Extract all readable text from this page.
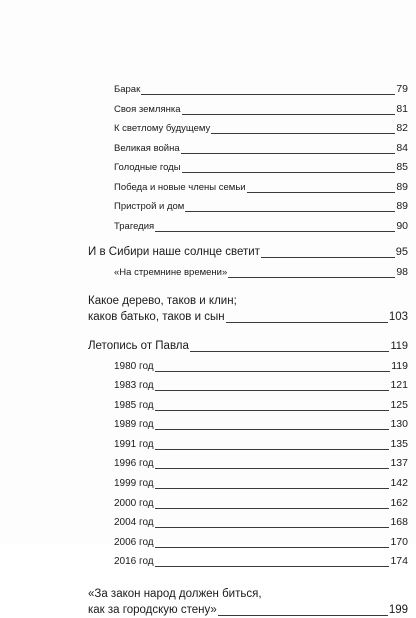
Барак	79
Своя землянка	81
К светлому будущему	82
Великая война	84
Голодные годы	85
Победа и новые члены семьи	89
Пристрой и дом	89
Трагедия	90
И в Сибири наше солнце светит	95
«На стремнине времени»	98
Какое дерево, таков и клин;
каков батько, таков и сын	103
Летопись от Павла	119
1980 год	119
1983 год	121
1985 год	125
1989 год	130
1991 год	135
1996 год	137
1999 год	142
2000 год	162
2004 год	168
2006 год	170
2016 год	174
«За закон народ должен биться,
как за городскую стену»	199
